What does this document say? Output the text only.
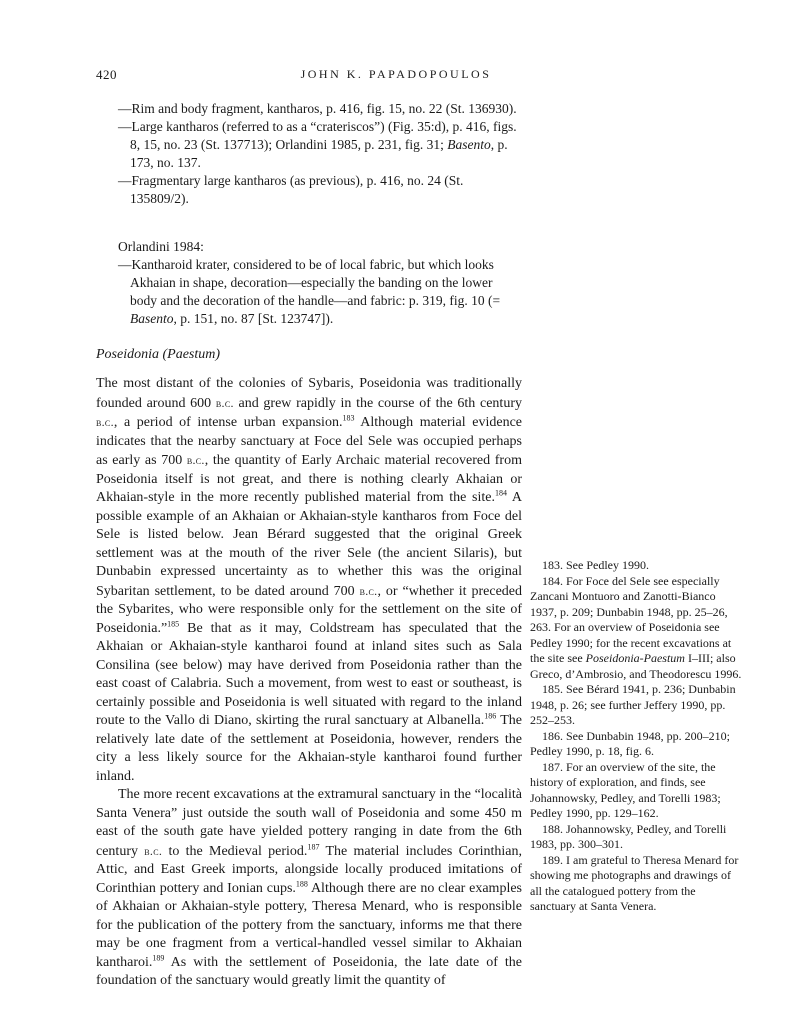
420	JOHN K. PAPADOPOULOS

—Rim and body fragment, kantharos, p. 416, fig. 15, no. 22 (St. 136930).

—Large kantharos (referred to as a “crateriscos”) (Fig. 35:d), p. 416, figs. 8, 15, no. 23 (St. 137713); Orlandini 1985, p. 231, fig. 31; Basento, p. 173, no. 137.

—Fragmentary large kantharos (as previous), p. 416, no. 24 (St. 135809/2).

Orlandini 1984:

—Kantharoid krater, considered to be of local fabric, but which looks Akhaian in shape, decoration—especially the banding on the lower body and the decoration of the handle—and fabric: p. 319, fig. 10 (= Basento, p. 151, no. 87 [St. 123747]).

Poseidonia (Paestum)

The most distant of the colonies of Sybaris, Poseidonia was traditionally founded around 600 b.c. and grew rapidly in the course of the 6th century b.c., a period of intense urban expansion.$^{183}$ Although material evidence indicates that the nearby sanctuary at Foce del Sele was occupied perhaps as early as 700 b.c., the quantity of Early Archaic material recovered from Poseidonia itself is not great, and there is nothing clearly Akhaian or Akhaian-style in the more recently published material from the site.$^{184}$ A possible example of an Akhaian or Akhaian-style kantharos from Foce del Sele is listed below. Jean Bérard suggested that the original Greek settlement was at the mouth of the river Sele (the ancient Silaris), but Dunbabin expressed uncertainty as to whether this was the original Sybaritan settlement, to be dated around 700 b.c., or “whether it preceded the Sybarites, who were responsible only for the settlement on the site of Poseidonia.”$^{185}$ Be that as it may, Coldstream has speculated that the Akhaian or Akhaian-style kantharoi found at inland sites such as Sala Consilina (see below) may have derived from Poseidonia rather than the east coast of Calabria. Such a movement, from west to east or southeast, is certainly possible and Poseidonia is well situated with regard to the inland route to the Vallo di Diano, skirting the rural sanctuary at Albanella.$^{186}$ The relatively late date of the settlement at Poseidonia, however, renders the city a less likely source for the Akhaian-style kantharoi found further inland.

The more recent excavations at the extramural sanctuary in the “località Santa Venera” just outside the south wall of Poseidonia and some 450 m east of the south gate have yielded pottery ranging in date from the 6th century b.c. to the Medieval period.$^{187}$ The material includes Corinthian, Attic, and East Greek imports, alongside locally produced imitations of Corinthian pottery and Ionian cups.$^{188}$ Although there are no clear examples of Akhaian or Akhaian-style pottery, Theresa Menard, who is responsible for the publication of the pottery from the sanctuary, informs me that there may be one fragment from a vertical-handled vessel similar to Akhaian kantharoi.$^{189}$ As with the settlement of Poseidonia, the late date of the foundation of the sanctuary would greatly limit the quantity of

183. See Pedley 1990.

184. For Foce del Sele see especially Zancani Montuoro and Zanotti-Bianco 1937, p. 209; Dunbabin 1948, pp. 25–26, 263. For an overview of Poseidonia see Pedley 1990; for the recent excavations at the site see Poseidonia-Paestum I–III; also Greco, d’Ambrosio, and Theodorescu 1996.

185. See Bérard 1941, p. 236; Dunbabin 1948, p. 26; see further Jeffery 1990, pp. 252–253.

186. See Dunbabin 1948, pp. 200–210; Pedley 1990, p. 18, fig. 6.

187. For an overview of the site, the history of exploration, and finds, see Johannowsky, Pedley, and Torelli 1983; Pedley 1990, pp. 129–162.

188. Johannowsky, Pedley, and Torelli 1983, pp. 300–301.

189. I am grateful to Theresa Menard for showing me photographs and drawings of all the catalogued pottery from the sanctuary at Santa Venera.
